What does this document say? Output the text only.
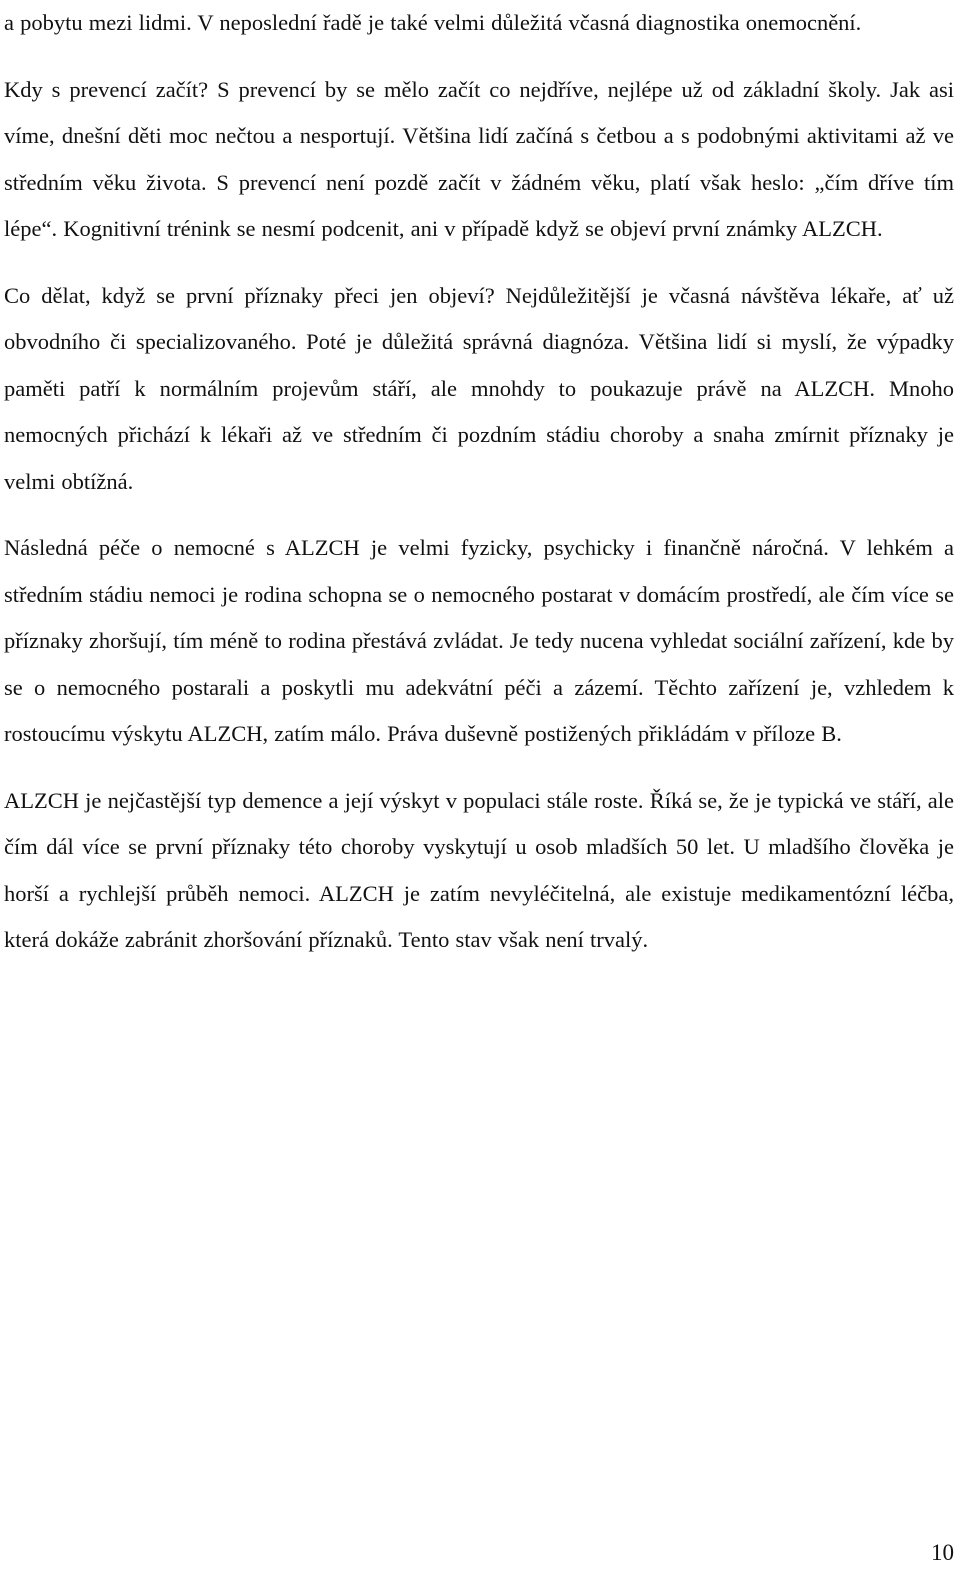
a pobytu mezi lidmi. V neposlední řadě je také velmi důležitá včasná diagnostika onemocnění.

Kdy s prevencí začít? S prevencí by se mělo začít co nejdříve, nejlépe už od základní školy. Jak asi víme, dnešní děti moc nečtou a nesportují. Většina lidí začíná s četbou a s podobnými aktivitami až ve středním věku života. S prevencí není pozdě začít v žádném věku, platí však heslo: „čím dříve tím lépe“. Kognitivní trénink se nesmí podcenit, ani v případě když se objeví první známky ALZCH.

Co dělat, když se první příznaky přeci jen objeví? Nejdůležitější je včasná návštěva lékaře, ať už obvodního či specializovaného. Poté je důležitá správná diagnóza. Většina lidí si myslí, že výpadky paměti patří k normálním projevům stáří, ale mnohdy to poukazuje právě na ALZCH. Mnoho nemocných přichází k lékaři až ve středním či pozdním stádiu choroby a snaha zmírnit příznaky je velmi obtížná.

Následná péče o nemocné s ALZCH je velmi fyzicky, psychicky i finančně náročná. V lehkém a středním stádiu nemoci je rodina schopna se o nemocného postarat v domácím prostředí, ale čím více se příznaky zhoršují, tím méně to rodina přestává zvládat. Je tedy nucena vyhledat sociální zařízení, kde by se o nemocného postarali a poskytli mu adekvátní péči a zázemí. Těchto zařízení je, vzhledem k rostoucímu výskytu ALZCH, zatím málo. Práva duševně postižených přikládám v příloze B.

ALZCH je nejčastější typ demence a její výskyt v populaci stále roste. Říká se, že je typická ve stáří, ale čím dál více se první příznaky této choroby vyskytují u osob mladších 50 let. U mladšího člověka je horší a rychlejší průběh nemoci. ALZCH je zatím nevyléčitelná, ale existuje medikamentózní léčba, která dokáže zabránit zhoršování příznaků. Tento stav však není trvalý.

10
